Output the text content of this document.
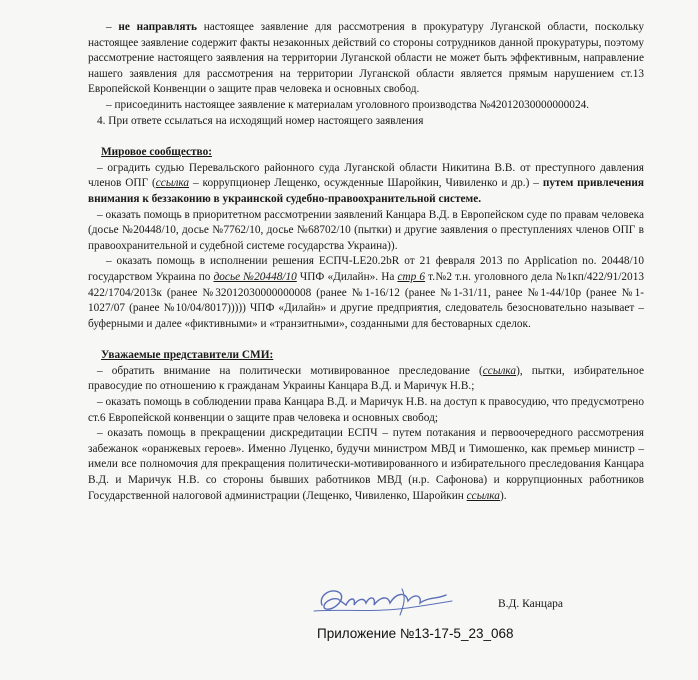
– не направлять настоящее заявление для рассмотрения в прокуратуру Луганской области, поскольку настоящее заявление содержит факты незаконных действий со стороны сотрудников данной прокуратуры, поэтому рассмотрение настоящего заявления на территории Луганской области не может быть эффективным, направление нашего заявления для рассмотрения на территории Луганской области является прямым нарушением ст.13 Европейской Конвенции о защите прав человека и основных свобод.

– присоединить настоящее заявление к материалам уголовного производства №42012030000000024.

4. При ответе ссылаться на исходящий номер настоящего заявления

Мировое сообщество:

– оградить судью Перевальского районного суда Луганской области Никитина В.В. от преступного давления членов ОПГ (ссылка – коррупционер Лещенко, осужденные Шаройкин, Чивиленко и др.) – путем привлечения внимания к беззаконию в украинской судебно-правоохранительной системе.

– оказать помощь в приоритетном рассмотрении заявлений Канцара В.Д. в Европейском суде по правам человека (досье №20448/10, досье №7762/10, досье №68702/10 (пытки) и другие заявления о преступлениях членов ОПГ в правоохранительной и судебной системе государства Украина)).

– оказать помощь в исполнении решения ЕСПЧ-LE20.2bR от 21 февраля 2013 по Application no. 20448/10 государством Украина по досье №20448/10 ЧПФ «Дилайн». На стр 6 т.№2 т.н. уголовного дела №1кп/422/91/2013 422/1704/2013к (ранее №32012030000000008 (ранее №1-16/12 (ранее №1-31/11, ранее №1-44/10р (ранее №1-1027/07 (ранее №10/04/8017))))) ЧПФ «Дилайн» и другие предприятия, следователь безосновательно называет – буферными и далее «фиктивными» и «транзитными», созданными для бестоварных сделок.

Уважаемые представители СМИ:

– обратить внимание на политически мотивированное преследование (ссылка), пытки, избирательное правосудие по отношению к гражданам Украины Канцара В.Д. и Маричук Н.В.;

– оказать помощь в соблюдении права Канцара В.Д. и Маричук Н.В. на доступ к правосудию, что предусмотрено ст.6 Европейской конвенции о защите прав человека и основных свобод;

– оказать помощь в прекращении дискредитации ЕСПЧ – путем потакания и первоочередного рассмотрения забежанок «оранжевых героев». Именно Луценко, будучи министром МВД и Тимошенко, как премьер министр – имели все полномочия для прекращения политически-мотивированного и избирательного преследования Канцара В.Д. и Маричук Н.В. со стороны бывших работников МВД (н.р. Сафонова) и коррупционных работников Государственной налоговой администрации (Лещенко, Чивиленко, Шаройкин ссылка).

В.Д. Канцара
Приложение №13-17-5_23_068
